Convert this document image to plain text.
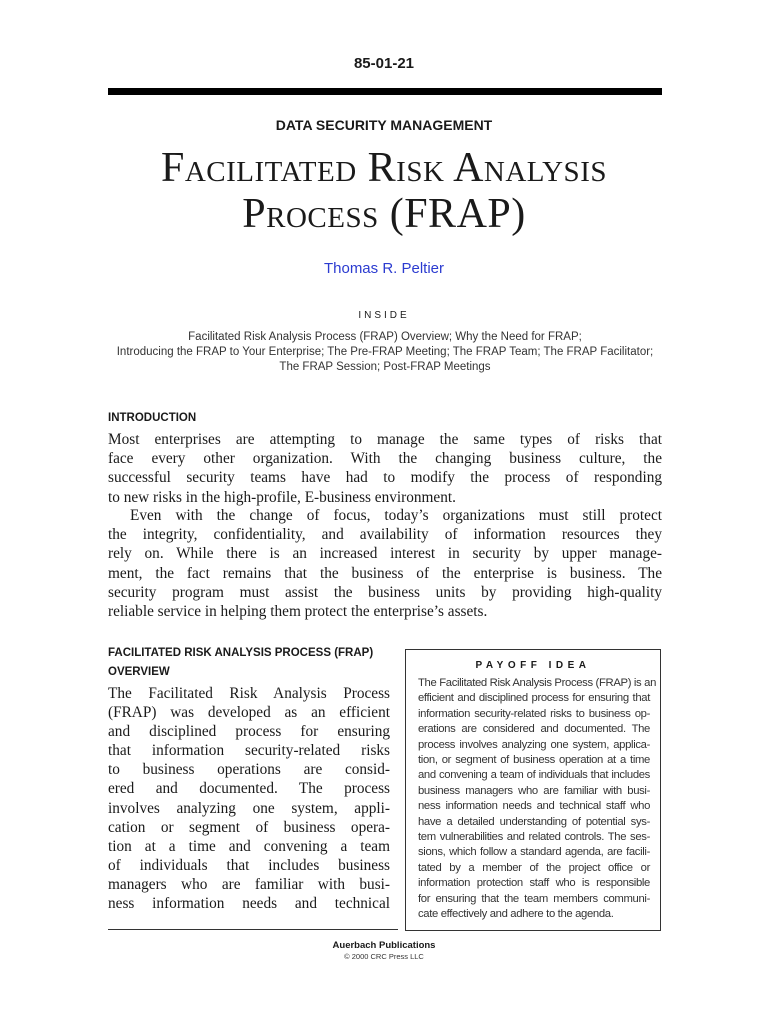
85-01-21
DATA SECURITY MANAGEMENT
Facilitated Risk Analysis
Process (FRAP)
Thomas R. Peltier
INSIDE
Facilitated Risk Analysis Process (FRAP) Overview; Why the Need for FRAP;
Introducing the FRAP to Your Enterprise; The Pre-FRAP Meeting; The FRAP Team; The FRAP Facilitator;
The FRAP Session; Post-FRAP Meetings
INTRODUCTION
Most enterprises are attempting to manage the same types of risks that
face every other organization. With the changing business culture, the
successful security teams have had to modify the process of responding
to new risks in the high-profile, E-business environment.
Even with the change of focus, today’s organizations must still protect
the integrity, confidentiality, and availability of information resources they
rely on. While there is an increased interest in security by upper manage-
ment, the fact remains that the business of the enterprise is business. The
security program must assist the business units by providing high-quality
reliable service in helping them protect the enterprise’s assets.
FACILITATED RISK ANALYSIS PROCESS (FRAP)
OVERVIEW
The Facilitated Risk Analysis Process
(FRAP) was developed as an efficient
and disciplined process for ensuring
that information security-related risks
to business operations are consid-
ered and documented. The process
involves analyzing one system, appli-
cation or segment of business opera-
tion at a time and convening a team
of individuals that includes business
managers who are familiar with busi-
ness information needs and technical
PAYOFF IDEA
The Facilitated Risk Analysis Process (FRAP) is an
efficient and disciplined process for ensuring that
information security-related risks to business op-
erations are considered and documented. The
process involves analyzing one system, applica-
tion, or segment of business operation at a time
and convening a team of individuals that includes
business managers who are familiar with busi-
ness information needs and technical staff who
have a detailed understanding of potential sys-
tem vulnerabilities and related controls. The ses-
sions, which follow a standard agenda, are facili-
tated by a member of the project office or
information protection staff who is responsible
for ensuring that the team members communi-
cate effectively and adhere to the agenda.
Auerbach Publications
© 2000 CRC Press LLC
